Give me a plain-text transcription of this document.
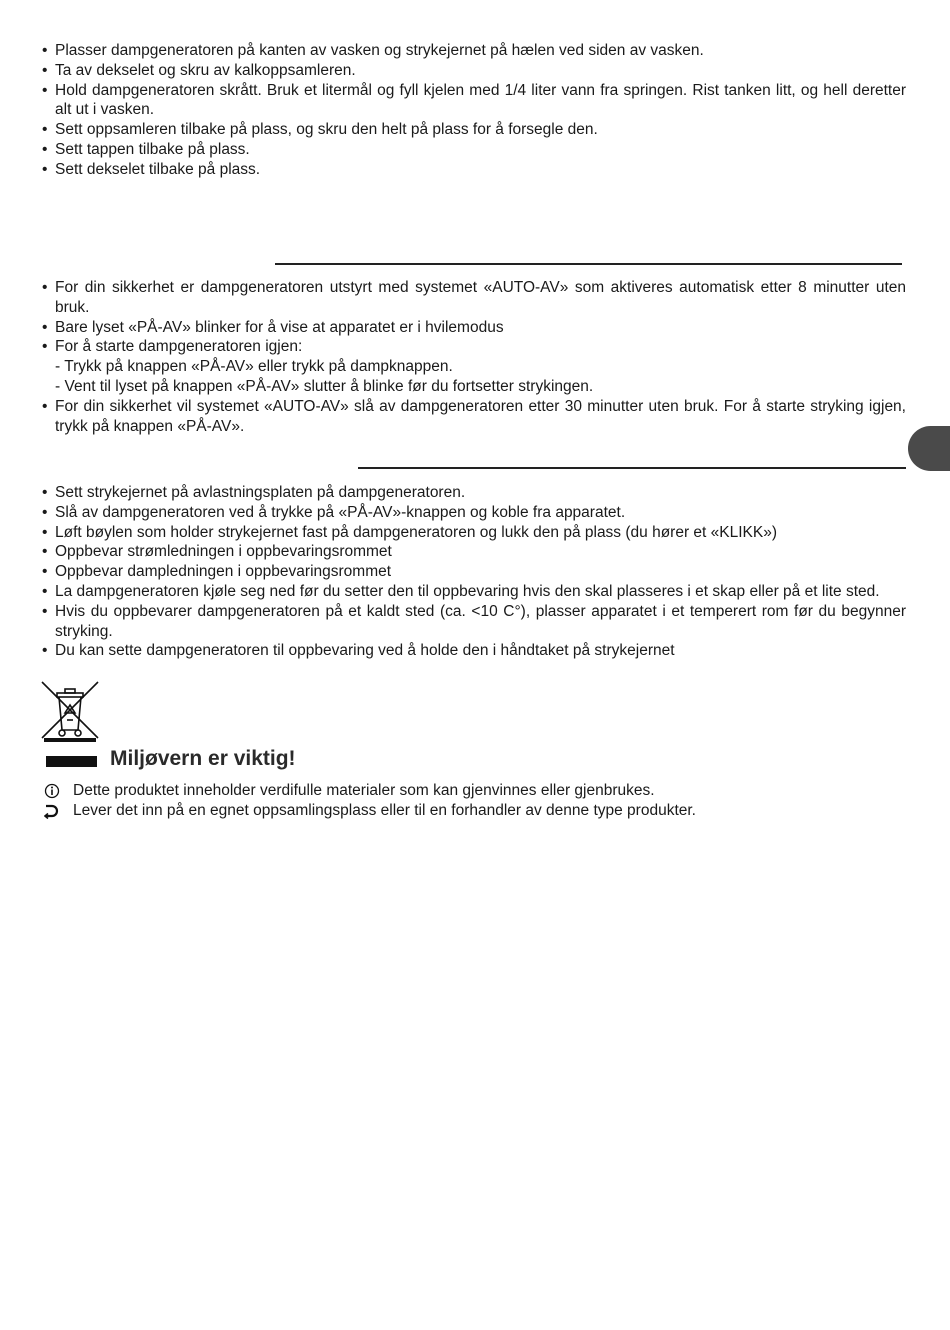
• Plasser dampgeneratoren på kanten av vasken og strykejernet på hælen ved siden av vasken.
• Ta av dekselet og skru av kalkoppsamleren.
• Hold dampgeneratoren skrått. Bruk et litermål og fyll kjelen med 1/4 liter vann fra springen. Rist tanken litt, og hell deretter alt ut i vasken.
• Sett oppsamleren tilbake på plass, og skru den helt på plass for å forsegle den.
• Sett tappen tilbake på plass.
• Sett dekselet tilbake på plass.
• For din sikkerhet er dampgeneratoren utstyrt med systemet «AUTO-AV» som aktiveres automatisk etter 8 minutter uten bruk.
• Bare lyset «PÅ-AV» blinker for å vise at apparatet er i hvilemodus
• For å starte dampgeneratoren igjen:
- Trykk på knappen «PÅ-AV» eller trykk på dampknappen.
- Vent til lyset på knappen «PÅ-AV» slutter å blinke før du fortsetter strykingen.
• For din sikkerhet vil systemet «AUTO-AV» slå av dampgeneratoren etter 30 minutter uten bruk. For å starte stryking igjen, trykk på knappen «PÅ-AV».
• Sett strykejernet på avlastningsplaten på dampgeneratoren.
• Slå av dampgeneratoren ved å trykke på «PÅ-AV»-knappen og koble fra apparatet.
• Løft bøylen som holder strykejernet fast på dampgeneratoren og lukk den på plass (du hører et «KLIKK»)
• Oppbevar strømledningen i oppbevaringsrommet
• Oppbevar dampledningen i oppbevaringsrommet
• La dampgeneratoren kjøle seg ned før du setter den til oppbevaring hvis den skal plasseres i et skap eller på et lite sted.
• Hvis du oppbevarer dampgeneratoren på et kaldt sted (ca. <10 C°), plasser apparatet i et temperert rom før du begynner stryking.
• Du kan sette dampgeneratoren til oppbevaring ved å holde den i håndtaket på strykejernet
Miljøvern er viktig!
Dette produktet inneholder verdifulle materialer som kan gjenvinnes eller gjenbrukes.
Lever det inn på en egnet oppsamlingsplass eller til en forhandler av denne type produkter.
